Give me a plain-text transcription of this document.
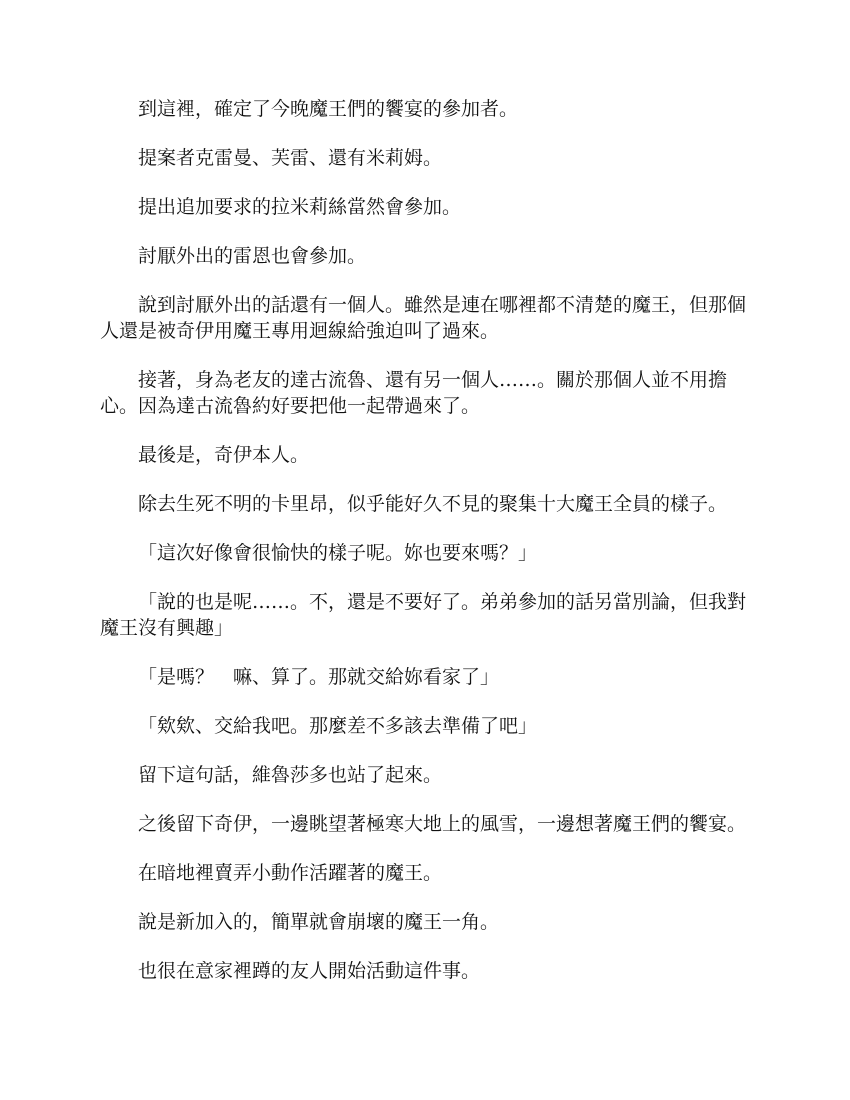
到這裡，確定了今晚魔王們的饗宴的參加者。

提案者克雷曼、芙雷、還有米莉姆。

提出追加要求的拉米莉絲當然會參加。

討厭外出的雷恩也會參加。

說到討厭外出的話還有一個人。雖然是連在哪裡都不清楚的魔王，但那個人還是被奇伊用魔王專用迴線給強迫叫了過來。

接著，身為老友的達古流魯、還有另一個人……。關於那個人並不用擔心。因為達古流魯約好要把他一起帶過來了。

最後是，奇伊本人。

除去生死不明的卡里昂，似乎能好久不見的聚集十大魔王全員的樣子。

「這次好像會很愉快的樣子呢。妳也要來嗎？」

「說的也是呢……。不，還是不要好了。弟弟參加的話另當別論，但我對魔王沒有興趣」

「是嗎？　嘛、算了。那就交給妳看家了」

「欸欸、交給我吧。那麼差不多該去準備了吧」

留下這句話，維魯莎多也站了起來。

之後留下奇伊，一邊眺望著極寒大地上的風雪，一邊想著魔王們的饗宴。

在暗地裡賣弄小動作活躍著的魔王。

說是新加入的，簡單就會崩壞的魔王一角。

也很在意家裡蹲的友人開始活動這件事。
